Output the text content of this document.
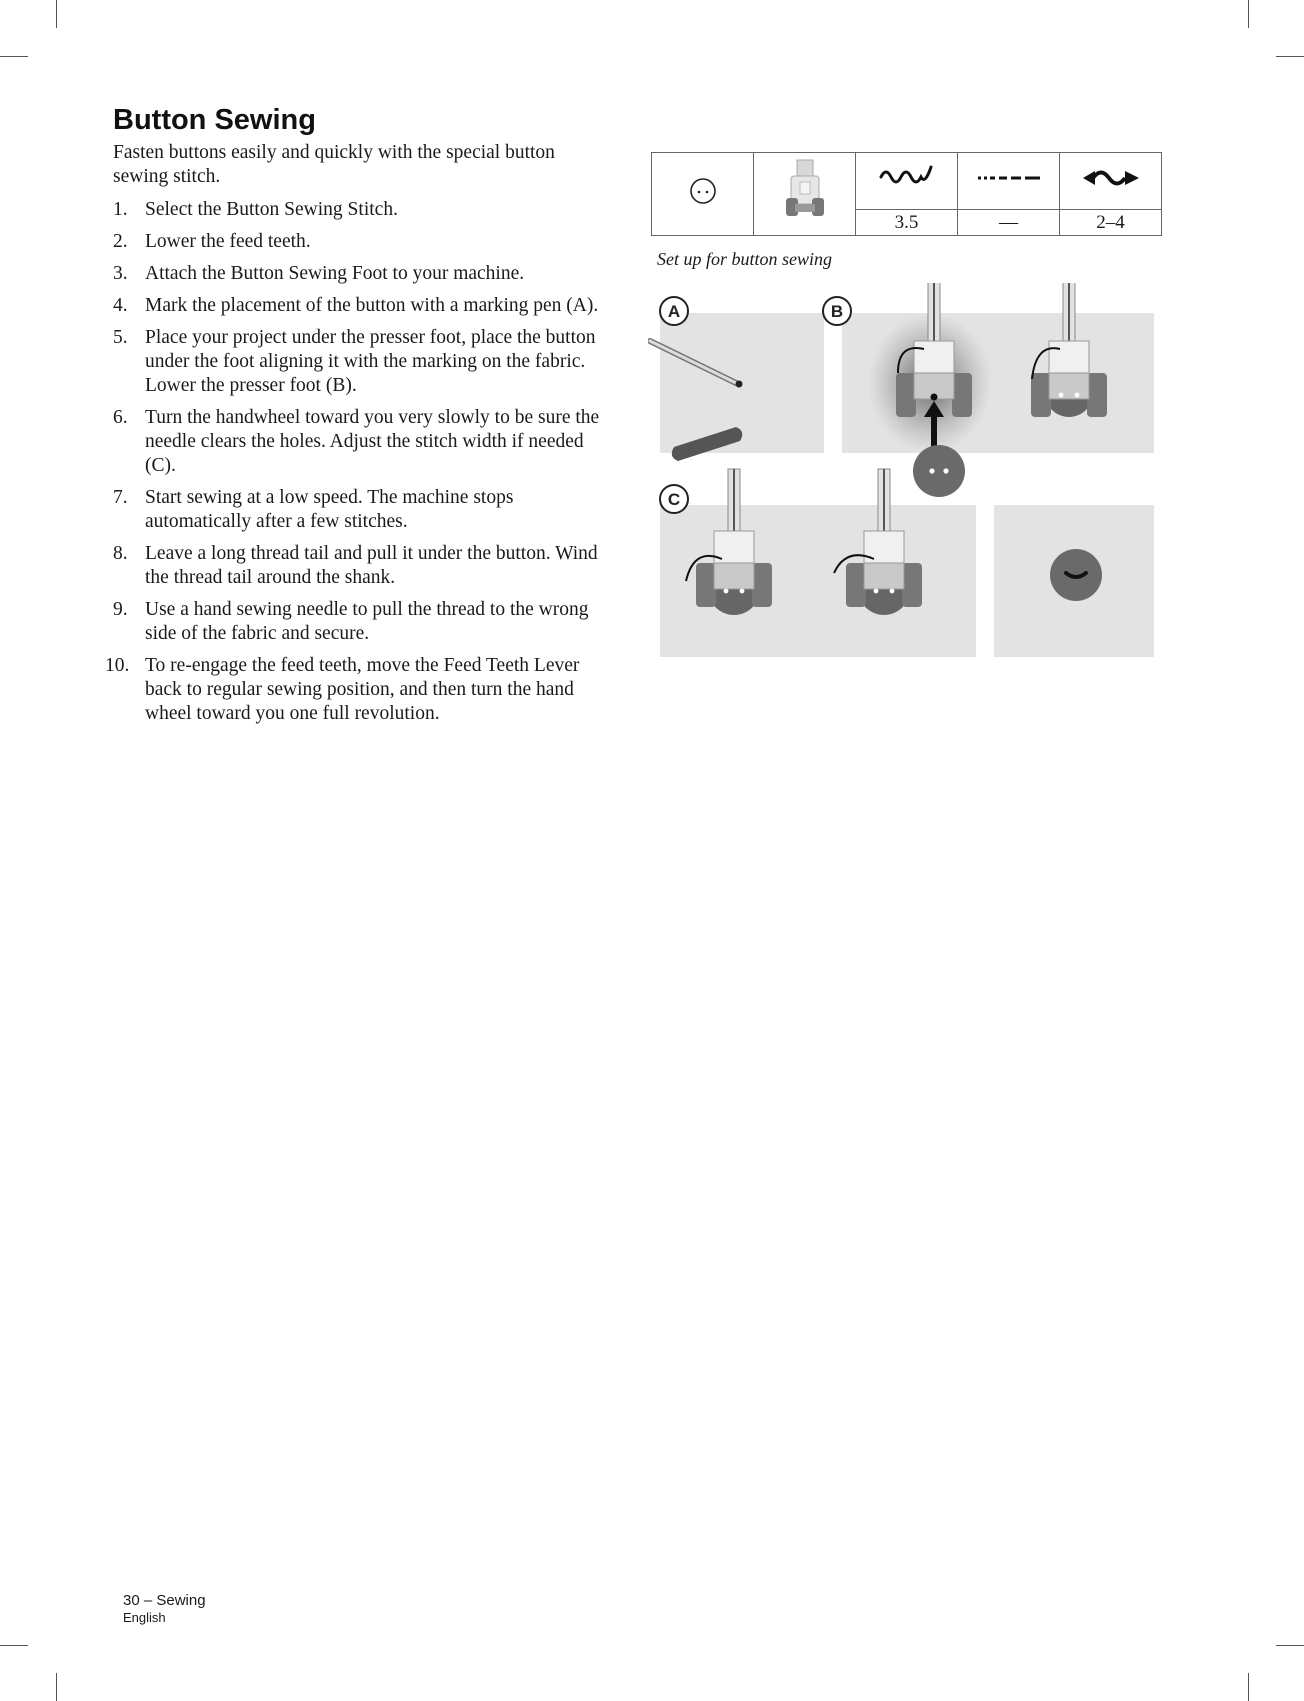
Button Sewing

Fasten buttons easily and quickly with the special button sewing stitch.

1. Select the Button Sewing Stitch.
2. Lower the feed teeth.
3. Attach the Button Sewing Foot to your machine.
4. Mark the placement of the button with a marking pen (A).
5. Place your project under the presser foot, place the button under the foot aligning it with the marking on the fabric. Lower the presser foot (B).
6. Turn the handwheel toward you very slowly to be sure the needle clears the holes. Adjust the stitch width if needed (C).
7. Start sewing at a low speed. The machine stops automatically after a few stitches.
8. Leave a long thread tail and pull it under the button. Wind the thread tail around the shank.
9. Use a hand sewing needle to pull the thread to the wrong side of the fabric and secure.
10. To re-engage the feed teeth, move the Feed Teeth Lever back to regular sewing position, and then turn the hand wheel toward you one full revolution.

		3.5	—	2–4

Set up for button sewing

A	B
C
30 – Sewing
English
